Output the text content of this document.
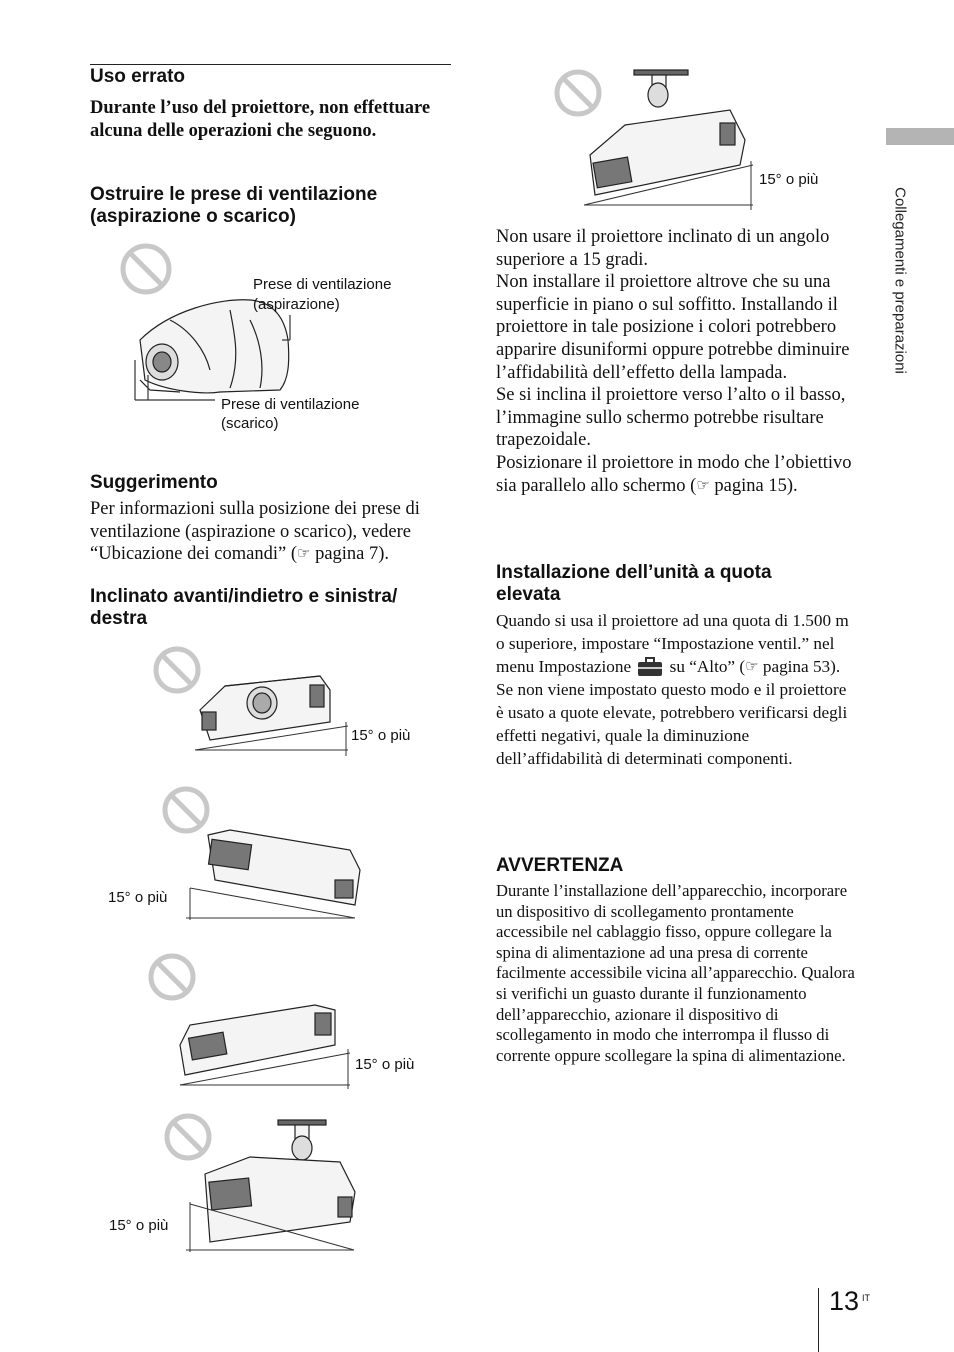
Uso errato
Durante l’uso del proiettore, non effettuare alcuna delle operazioni che seguono.
Ostruire le prese di ventilazione (aspirazione o scarico)
Prese di ventilazione
(aspirazione)
Prese di ventilazione
(scarico)
Suggerimento
Per informazioni sulla posizione dei prese di ventilazione (aspirazione o scarico), vedere “Ubicazione dei comandi” (☞ pagina 7).
Inclinato avanti/indietro e sinistra/
destra
15° o più
15° o più
15° o più
15° o più
15° o più
Non usare il proiettore inclinato di un angolo superiore a 15 gradi.
Non installare il proiettore altrove che su una superficie in piano o sul soffitto. Installando il proiettore in tale posizione i colori potrebbero apparire disuniformi oppure potrebbe diminuire l’affidabilità dell’effetto della lampada.
Se si inclina il proiettore verso l’alto o il basso, l’immagine sullo schermo potrebbe risultare trapezoidale.
Posizionare il proiettore in modo che l’obiettivo sia parallelo allo schermo (☞ pagina 15).
Installazione dell’unità a quota elevata
Quando si usa il proiettore ad una quota di 1.500 m o superiore, impostare “Impostazione ventil.” nel menu Impostazione
su “Alto” (☞ pagina 53). Se non viene impostato questo modo e il proiettore è usato a quote elevate, potrebbero verificarsi degli effetti negativi, quale la diminuzione dell’affidabilità di determinati componenti.
AVVERTENZA
Durante l’installazione dell’apparecchio, incorporare un dispositivo di scollegamento prontamente accessibile nel cablaggio fisso, oppure collegare la spina di alimentazione ad una presa di corrente facilmente accessibile vicina all’apparecchio. Qualora si verifichi un guasto durante il funzionamento dell’apparecchio, azionare il dispositivo di scollegamento in modo che interrompa il flusso di corrente oppure scollegare la spina di alimentazione.
Collegamenti e preparazioni
13 IT
